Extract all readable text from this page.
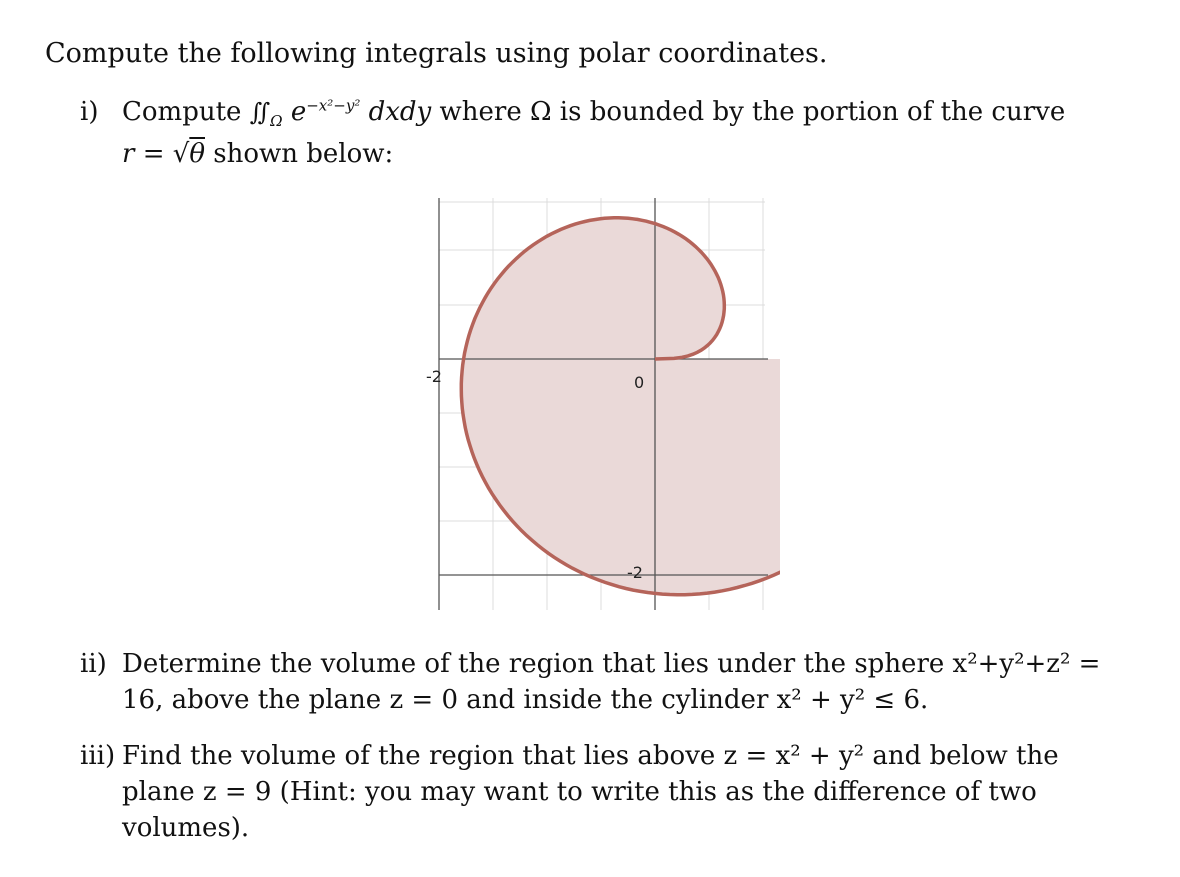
Compute the following integrals using polar coordinates.
i) Compute $∬_\Omega$ $e^{-x^2-y^2}$ dxdy where Ω is bounded by the portion of the curve
r = √θ shown below:
-2	0
-2
ii) Determine the volume of the region that lies under the sphere x²+y²+z² =
16, above the plane z = 0 and inside the cylinder x² + y² ≤ 6.
iii) Find the volume of the region that lies above z = x² + y² and below the
plane z = 9 (Hint: you may want to write this as the difference of two
volumes).
